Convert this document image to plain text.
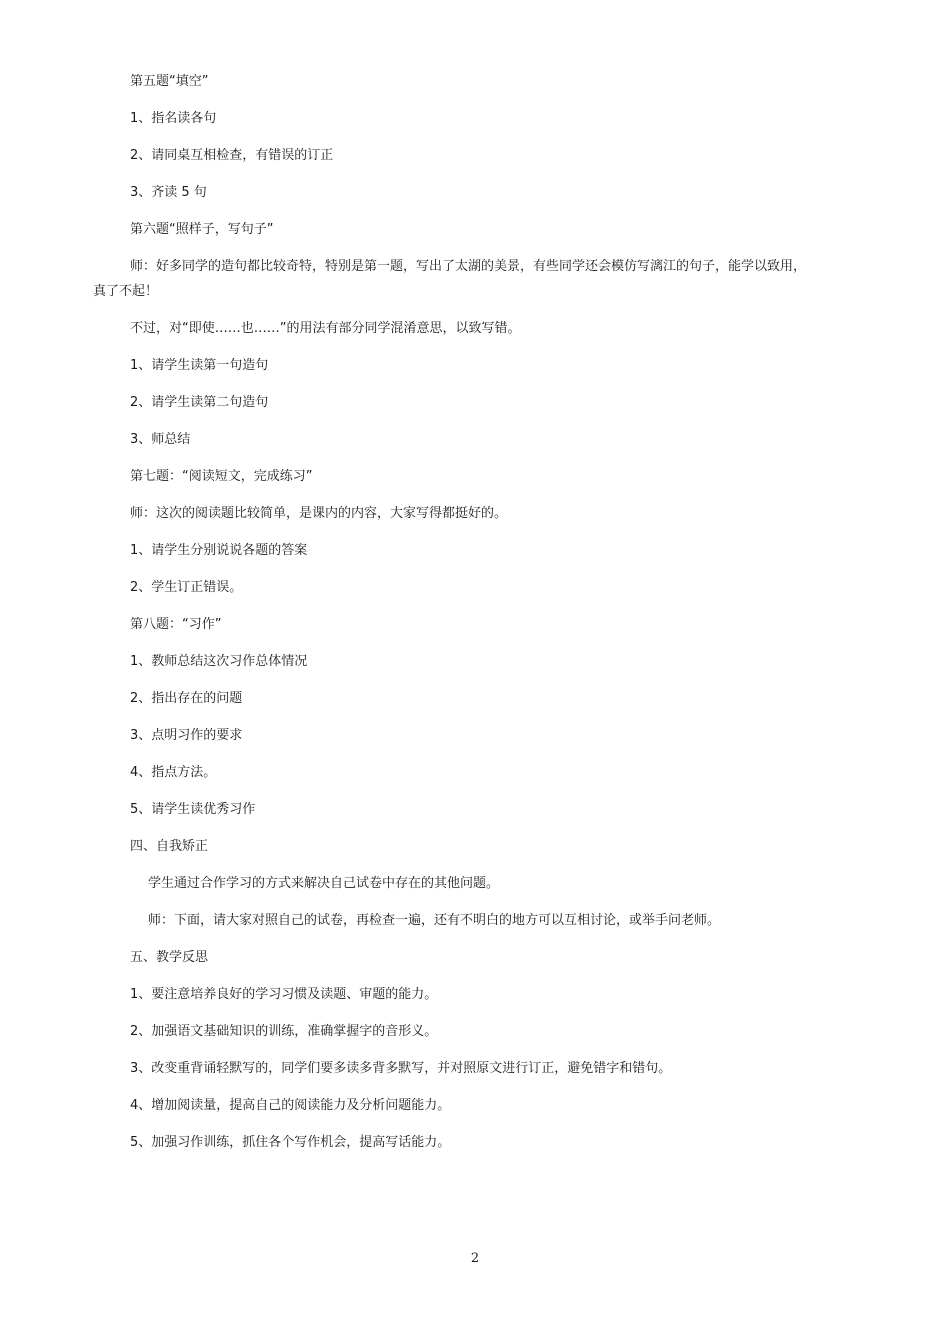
第五题“填空”
1、指名读各句
2、请同桌互相检查，有错误的订正
3、齐读 5 句
第六题“照样子，写句子”
师：好多同学的造句都比较奇特，特别是第一题，写出了太湖的美景，有些同学还会模仿写漓江的句子，能学以致用，
真了不起！
不过，对“即使……也……”的用法有部分同学混淆意思，以致写错。
1、请学生读第一句造句
2、请学生读第二句造句
3、师总结
第七题：“阅读短文，完成练习”
师：这次的阅读题比较简单，是课内的内容，大家写得都挺好的。
1、请学生分别说说各题的答案
2、学生订正错误。
第八题：“习作”
1、教师总结这次习作总体情况
2、指出存在的问题
3、点明习作的要求
4、指点方法。
5、请学生读优秀习作
四、自我矫正
学生通过合作学习的方式来解决自己试卷中存在的其他问题。
师：下面，请大家对照自己的试卷，再检查一遍，还有不明白的地方可以互相讨论，或举手问老师。
五、教学反思
1、要注意培养良好的学习习惯及读题、审题的能力。
2、加强语文基础知识的训练，准确掌握字的音形义。
3、改变重背诵轻默写的，同学们要多读多背多默写，并对照原文进行订正，避免错字和错句。
4、增加阅读量，提高自己的阅读能力及分析问题能力。
5、加强习作训练，抓住各个写作机会，提高写话能力。
2
